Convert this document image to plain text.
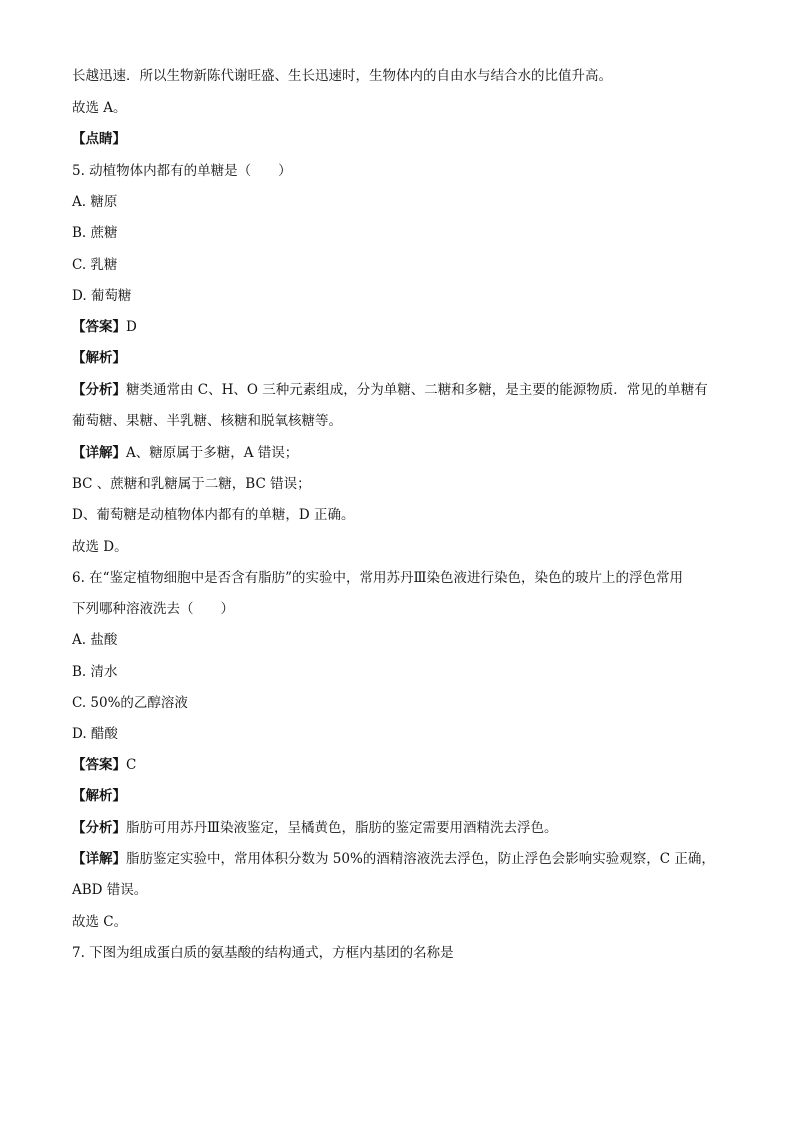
长越迅速．所以生物新陈代谢旺盛、生长迅速时，生物体内的自由水与结合水的比值升高。
故选 A。
【点睛】
5. 动植物体内都有的单糖是（　　）
A. 糖原
B. 蔗糖
C. 乳糖
D. 葡萄糖
【答案】D
【解析】
【分析】糖类通常由 C、H、O 三种元素组成，分为单糖、二糖和多糖，是主要的能源物质．常见的单糖有
葡萄糖、果糖、半乳糖、核糖和脱氧核糖等。
【详解】A、糖原属于多糖，A 错误；
BC 、蔗糖和乳糖属于二糖，BC 错误；
D、葡萄糖是动植物体内都有的单糖，D 正确。
故选 D。
6. 在“鉴定植物细胞中是否含有脂肪”的实验中，常用苏丹Ⅲ染色液进行染色，染色的玻片上的浮色常用
下列哪种溶液洗去（　　）
A. 盐酸
B. 清水
C. 50%的乙醇溶液
D. 醋酸
【答案】C
【解析】
【分析】脂肪可用苏丹Ⅲ染液鉴定，呈橘黄色，脂肪的鉴定需要用酒精洗去浮色。
【详解】脂肪鉴定实验中，常用体积分数为 50%的酒精溶液洗去浮色，防止浮色会影响实验观察，C 正确，
ABD 错误。
故选 C。
7. 下图为组成蛋白质的氨基酸的结构通式，方框内基团的名称是
